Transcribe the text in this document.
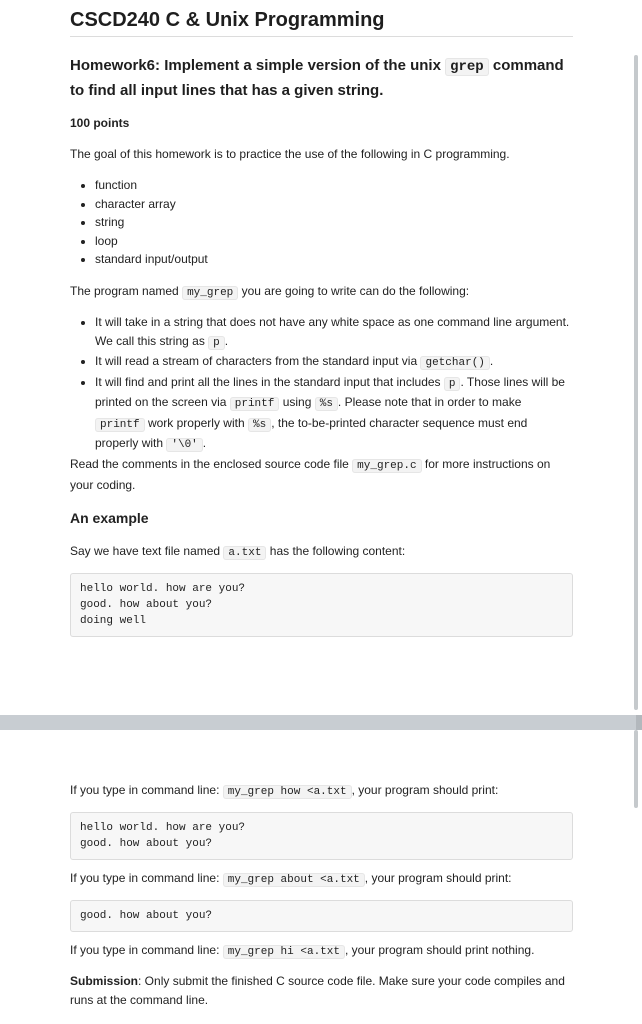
CSCD240 C & Unix Programming
Homework6: Implement a simple version of the unix grep command to find all input lines that has a given string.
100 points
The goal of this homework is to practice the use of the following in C programming.
• function
• character array
• string
• loop
• standard input/output
The program named my_grep you are going to write can do the following:
• It will take in a string that does not have any white space as one command line argument. We call this string as p .
• It will read a stream of characters from the standard input via getchar() .
• It will find and print all the lines in the standard input that includes p . Those lines will be printed on the screen via printf using %s . Please note that in order to make printf work properly with %s , the to-be-printed character sequence must end properly with '\0' .
Read the comments in the enclosed source code file my_grep.c for more instructions on your coding.
An example
Say we have text file named a.txt has the following content:
hello world. how are you?
good. how about you?
doing well
If you type in command line: my_grep how <a.txt , your program should print:
hello world. how are you?
good. how about you?
If you type in command line: my_grep about <a.txt , your program should print:
good. how about you?
If you type in command line: my_grep hi <a.txt , your program should print nothing.
Submission: Only submit the finished C source code file. Make sure your code compiles and runs at the command line.
